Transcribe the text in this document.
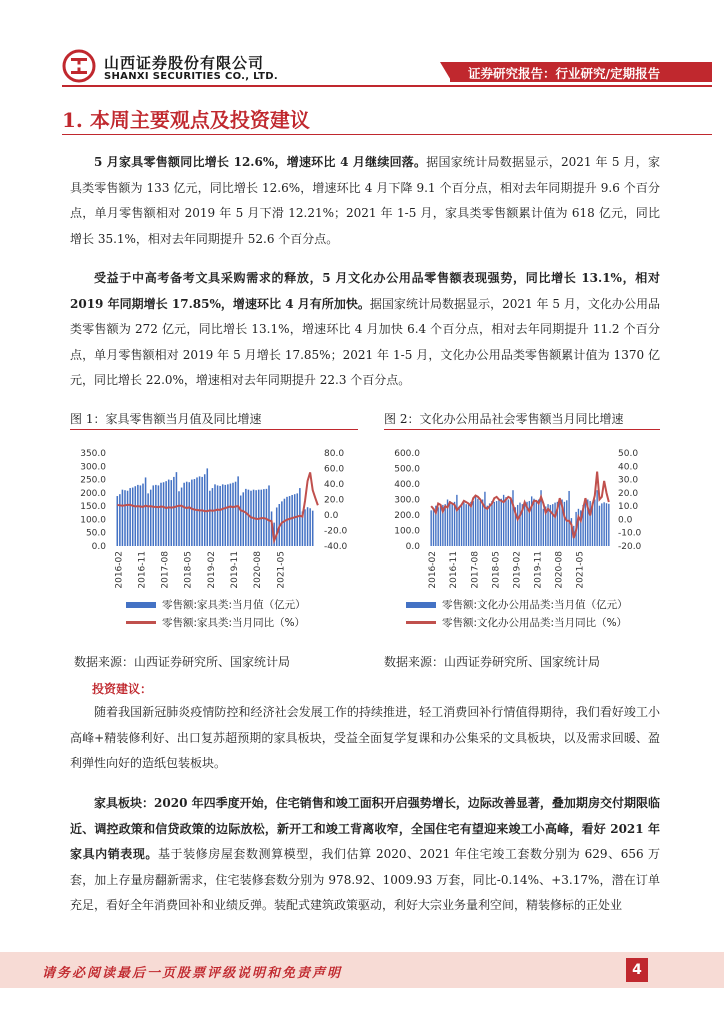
山西证券股份有限公司
SHANXI SECURITIES CO., LTD.	证券研究报告：行业研究/定期报告
1. 本周主要观点及投资建议

5 月家具零售额同比增长 12.6%，增速环比 4 月继续回落。据国家统计局数据显示，2021 年 5 月，家具类零售额为 133 亿元，同比增长 12.6%，增速环比 4 月下降 9.1 个百分点，相对去年同期提升 9.6 个百分点，单月零售额相对 2019 年 5 月下滑 12.21%；2021 年 1-5 月，家具类零售额累计值为 618 亿元，同比增长 35.1%，相对去年同期提升 52.6 个百分点。

受益于中高考备考文具采购需求的释放，5 月文化办公用品零售额表现强势，同比增长 13.1%，相对 2019 年同期增长 17.85%，增速环比 4 月有所加快。据国家统计局数据显示，2021 年 5 月，文化办公用品类零售额为 272 亿元，同比增长 13.1%，增速环比 4 月加快 6.4 个百分点，相对去年同期提升 11.2 个百分点，单月零售额相对 2019 年 5 月增长 17.85%；2021 年 1-5 月，文化办公用品类零售额累计值为 1370 亿元，同比增长 22.0%，增速相对去年同期提升 22.3 个百分点。

图 1：家具零售额当月值及同比增速	图 2：文化办公用品社会零售额当月同比增速
0.0
50.0
100.0
150.0
200.0
250.0
300.0
350.0
-40.0
-20.0
0.0
20.0
40.0
60.0
80.0
2016-02 2016-11 2017-08 2018-05 2019-02 2019-11 2020-08 2021-05
零售额:家具类:当月值（亿元）
零售额:家具类:当月同比（%）
0.0
100.0
200.0
300.0
400.0
500.0
600.0
-20.0
-10.0
0.0
10.0
20.0
30.0
40.0
50.0
2016-02 2016-11 2017-08 2018-05 2019-02 2019-11 2020-08 2021-05
零售额:文化办公用品类:当月值（亿元）
零售额:文化办公用品类:当月同比（%）
数据来源：山西证券研究所、国家统计局	数据来源：山西证券研究所、国家统计局
投资建议：

随着我国新冠肺炎疫情防控和经济社会发展工作的持续推进，轻工消费回补行情值得期待，我们看好竣工小高峰+精装修利好、出口复苏超预期的家具板块，受益全面复学复课和办公集采的文具板块，以及需求回暖、盈利弹性向好的造纸包装板块。

家具板块：2020 年四季度开始，住宅销售和竣工面积开启强势增长，边际改善显著，叠加期房交付期限临近、调控政策和信贷政策的边际放松，新开工和竣工背离收窄，全国住宅有望迎来竣工小高峰，看好 2021 年家具内销表现。基于装修房屋套数测算模型，我们估算 2020、2021 年住宅竣工套数分别为 629、656 万套，加上存量房翻新需求，住宅装修套数分别为 978.92、1009.93 万套，同比-0.14%、+3.17%，潜在订单充足，看好全年消费回补和业绩反弹。装配式建筑政策驱动，利好大宗业务量利空间，精装修标的正处业

请务必阅读最后一页股票评级说明和免责声明	4
